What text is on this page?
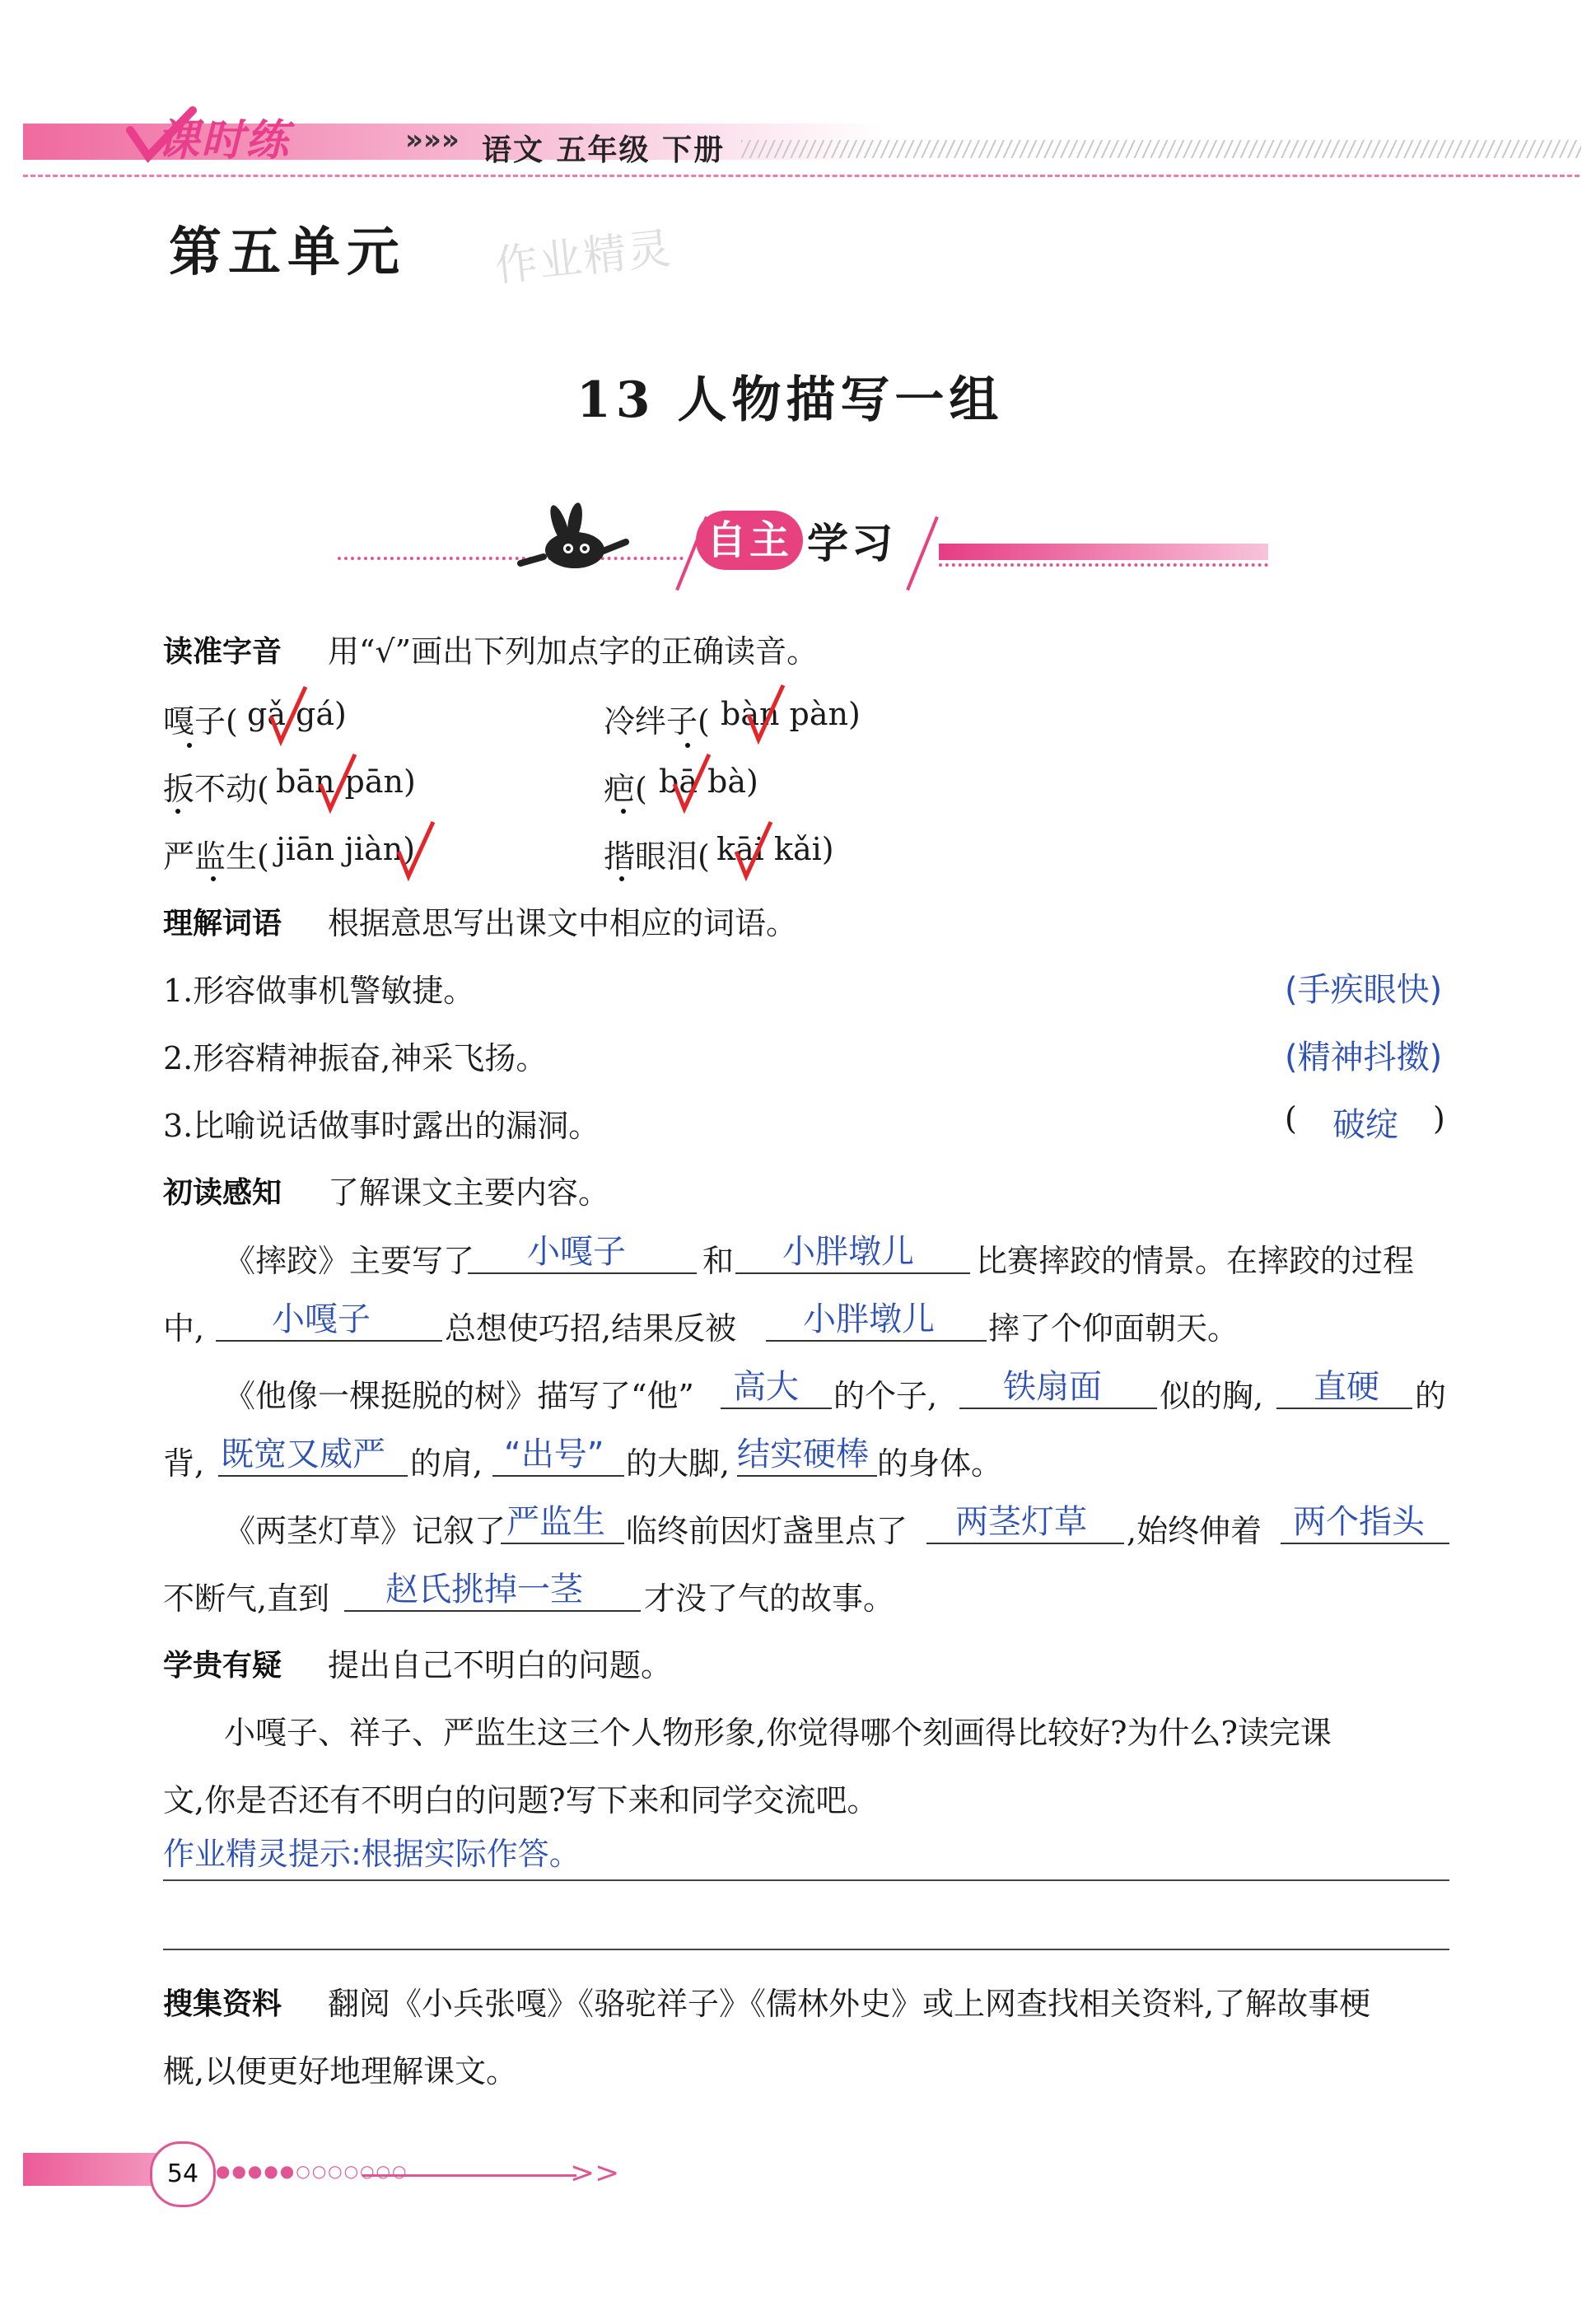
课时练	»»» 语文 五年级 下册
第五单元 作业精灵
13 人物描写一组
自主 学习
读准字音 用“√”画出下列加点字的正确读音。
嘎子( gǎ gá)	冷绊子( bàn pàn)
扳不动( bān pān)	疤( bā bà)
严监生( jiān jiàn)	揩眼泪( kāi kǎi)
理解词语 根据意思写出课文中相应的词语。
1.形容做事机警敏捷。	(手疾眼快)
2.形容精神振奋,神采飞扬。	(精神抖擞)
3.比喻说话做事时露出的漏洞。	( 破绽 )
初读感知 了解课文主要内容。
《摔跤》主要写了 小嘎子 和 小胖墩儿 比赛摔跤的情景。在摔跤的过程
中, 小嘎子 总想使巧招,结果反被 小胖墩儿 摔了个仰面朝天。
《他像一棵挺脱的树》描写了“他” 高大 的个子, 铁扇面 似的胸, 直硬 的
背, 既宽又威严 的肩, “出号” 的大脚, 结实硬棒 的身体。
《两茎灯草》记叙了 严监生 临终前因灯盏里点了 两茎灯草 ,始终伸着 两个指头
不断气,直到 赵氏挑掉一茎 才没了气的故事。
学贵有疑 提出自己不明白的问题。
小嘎子、祥子、严监生这三个人物形象,你觉得哪个刻画得比较好?为什么?读完课
文,你是否还有不明白的问题?写下来和同学交流吧。
作业精灵提示:根据实际作答。
搜集资料 翻阅《小兵张嘎》《骆驼祥子》《儒林外史》或上网查找相关资料,了解故事梗
概,以便更好地理解课文。
54	●●●●●○○○○○○○	>>
